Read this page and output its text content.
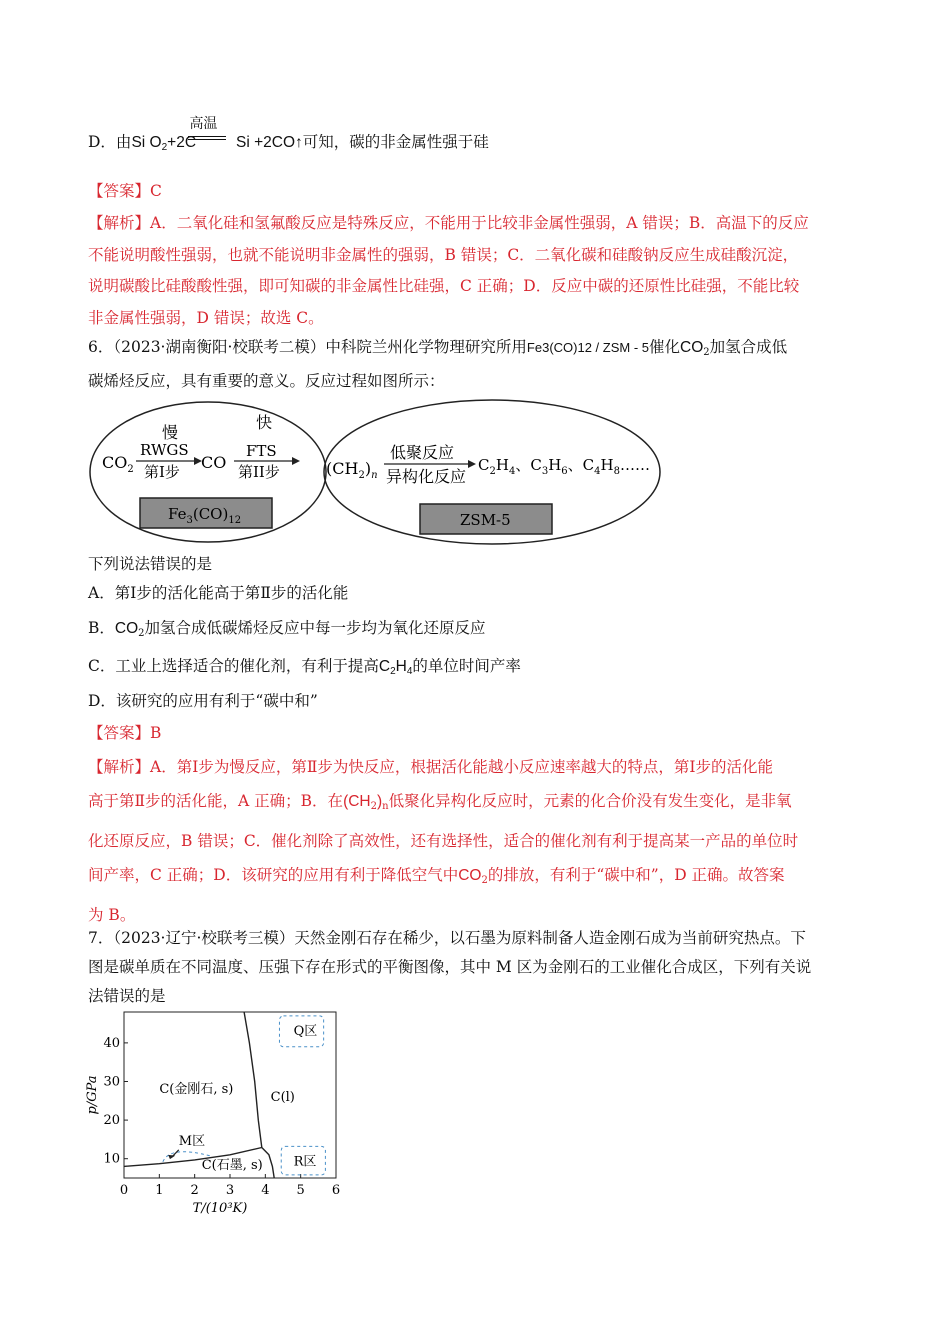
D．由Si $O_2+2C$
高温
Si +2CO↑可知，碳的非金属性强于硅
【答案】C
【解析】A．二氧化硅和氢氟酸反应是特殊反应，不能用于比较非金属性强弱，A 错误；B．高温下的反应
不能说明酸性强弱，也就不能说明非金属性的强弱，B 错误；C．二氧化碳和硅酸钠反应生成硅酸沉淀，
说明碳酸比硅酸酸性强，即可知碳的非金属性比硅强，C 正确；D．反应中碳的还原性比硅强，不能比较
非金属性强弱，D 错误；故选 C。
6．（2023·湖南衡阳·校联考二模）中科院兰州化学物理研究所用Fe3(CO)12 / ZSM - 5催化$CO_2$加氢合成低
碳烯烃反应，具有重要的意义。反应过程如图所示：
慢
快
RWGS
第I步
$CO_2$	CO
FTS
第II步
$Fe_3(CO)_{12}$
$(CH_2)_n$
低聚反应
异构化反应
$C_2H_4$、$C_3H_6$、$C_4H_8\dots\dots$
ZSM-5
下列说法错误的是
A．第Ⅰ步的活化能高于第Ⅱ步的活化能
B．$CO_2$加氢合成低碳烯烃反应中每一步均为氧化还原反应
C．工业上选择适合的催化剂，有利于提高$C_2H_4$的单位时间产率
D．该研究的应用有利于“碳中和”
【答案】B
【解析】A．第Ⅰ步为慢反应，第Ⅱ步为快反应，根据活化能越小反应速率越大的特点，第Ⅰ步的活化能
高于第Ⅱ步的活化能，A 正确；B．在$(CH_2)_n$低聚化异构化反应时，元素的化合价没有发生变化，是非氧
化还原反应，B 错误；C．催化剂除了高效性，还有选择性，适合的催化剂有利于提高某一产品的单位时
间产率，C 正确；D．该研究的应用有利于降低空气中$CO_2$的排放，有利于“碳中和”，D 正确。故答案
为 B。
7．（2023·辽宁·校联考三模）天然金刚石存在稀少，以石墨为原料制备人造金刚石成为当前研究热点。下
图是碳单质在不同温度、压强下存在形式的平衡图像，其中 M 区为金刚石的工业催化合成区，下列有关说
法错误的是
0 1 2 3 4 5 6
10
20
30
40
T/(10³K)
p/GPa	C(金刚石, s)
C(l)
C(石墨, s)
M区
Q区
R区
